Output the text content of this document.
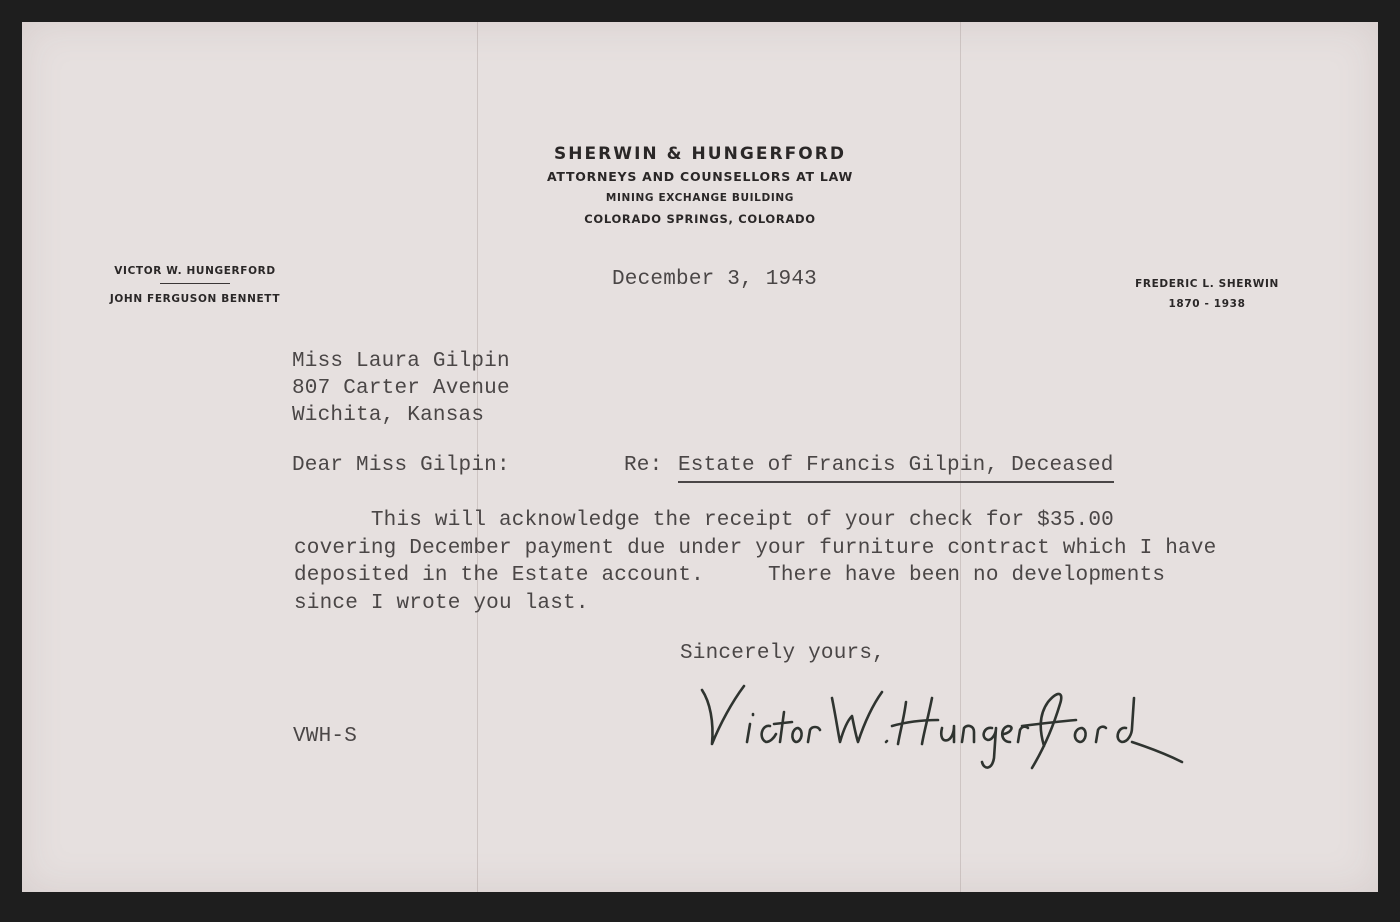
SHERWIN & HUNGERFORD
ATTORNEYS AND COUNSELLORS AT LAW
MINING EXCHANGE BUILDING
COLORADO SPRINGS, COLORADO
VICTOR W. HUNGERFORD
JOHN FERGUSON BENNETT
FREDERIC L. SHERWIN
1870 - 1938
December 3, 1943
Miss Laura Gilpin
807 Carter Avenue
Wichita, Kansas
Dear Miss Gilpin:	Re: Estate of Francis Gilpin, Deceased
This will acknowledge the receipt of your check for $35.00
covering December payment due under your furniture contract which I have
deposited in the Estate account.     There have been no developments
since I wrote you last.
Sincerely yours,
VWH-S
